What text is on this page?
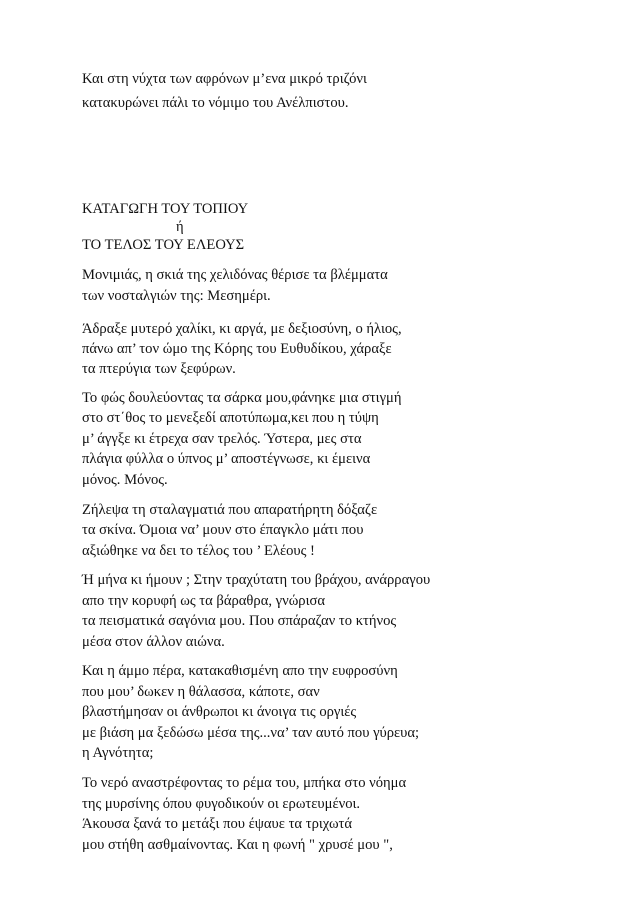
Και στη νύχτα των αφρόνων μ’ενα μικρό τριζόνι
κατακυρώνει πάλι το νόμιμο του Ανέλπιστου.
ΚΑΤΑΓΩΓΗ ΤΟΥ ΤΟΠΙΟΥ
ή
ΤΟ ΤΕΛΟΣ ΤΟΥ ΕΛΕΟΥΣ
Μονιμιάς, η σκιά της χελιδόνας θέρισε τα βλέμματα
των νοσταλγιών της: Μεσημέρι.
Άδραξε μυτερό χαλίκι, κι αργά, με δεξιοσύνη, ο ήλιος,
πάνω απ’ τον ώμο της Κόρης του Ευθυδίκου, χάραξε
τα πτερύγια των ξεφύρων.
Το φώς δουλεύοντας τα σάρκα μου,φάνηκε μια στιγμή
στο στ΄θος το μενεξεδί αποτύπωμα,κει που η τύψη
μ’ άγγξε κι έτρεχα σαν τρελός. Ύστερα, μες στα
πλάγια φύλλα ο ύπνος μ’ αποστέγνωσε, κι έμεινα
μόνος. Μόνος.
Ζήλεψα τη σταλαγματιά που απαρατήρητη δόξαζε
τα σκίνα. Όμοια να’ μουν στο έπαγκλο μάτι που
αξιώθηκε να δει το τέλος του ’ Ελέους !
Ή μήνα κι ήμουν ; Στην τραχύτατη του βράχου, ανάρραγου
απο την κορυφή ως τα βάραθρα, γνώρισα
τα πεισματικά σαγόνια μου. Που σπάραζαν το κτήνος
μέσα στον άλλον αιώνα.
Και η άμμο πέρα, κατακαθισμένη απο την ευφροσύνη
που μου’ δωκεν η θάλασσα, κάποτε, σαν
βλαστήμησαν οι άνθρωποι κι άνοιγα τις οργιές
με βιάση μα ξεδώσω μέσα της...να’ ταν αυτό που γύρευα;
η Αγνότητα;
Το νερό αναστρέφοντας το ρέμα του, μπήκα στο νόημα
της μυρσίνης όπου φυγοδικούν οι ερωτευμένοι.
Άκουσα ξανά το μετάξι που έψαυε τα τριχωτά
μου στήθη ασθμαίνοντας. Και η φωνή " χρυσέ μου ",
